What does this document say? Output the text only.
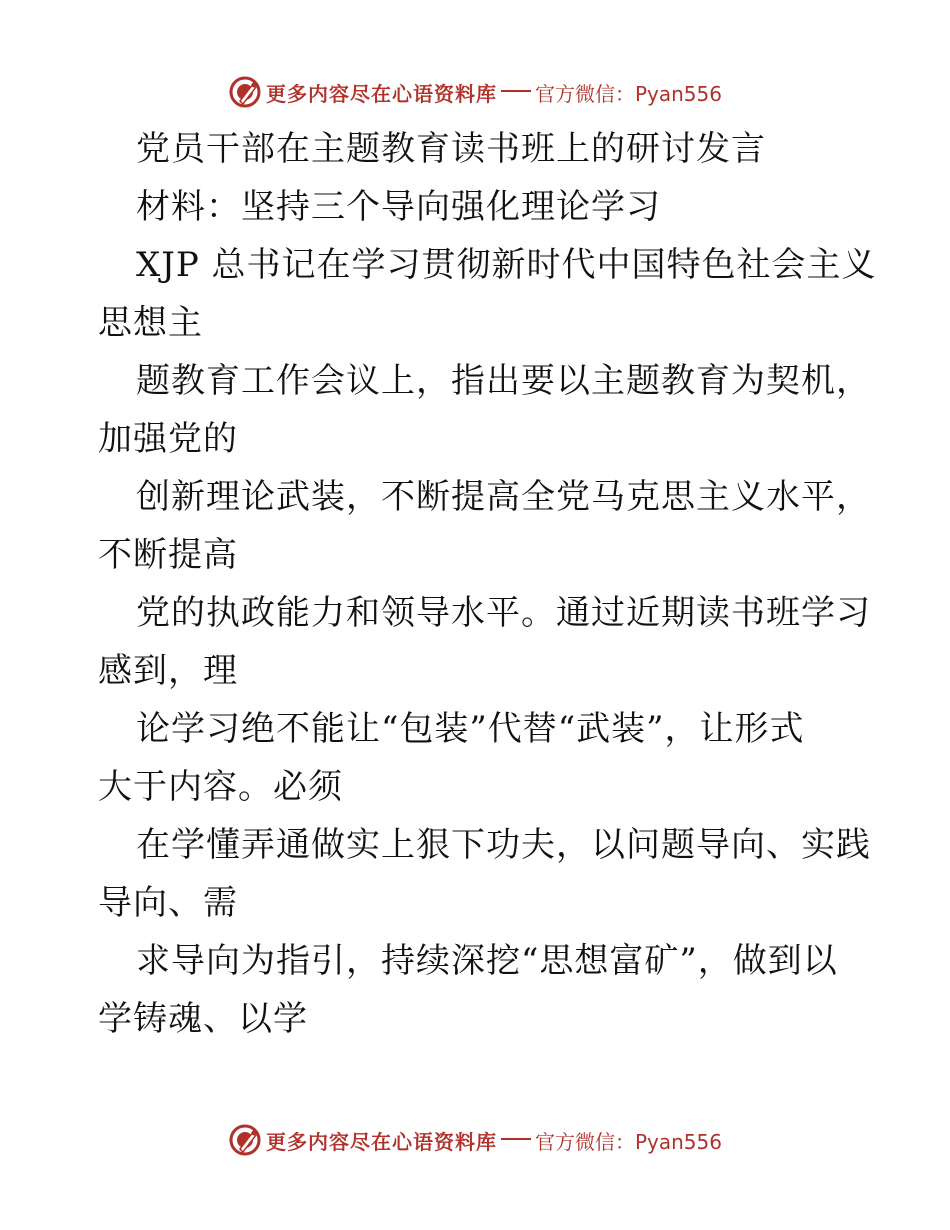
更多内容尽在心语资料库 官方微信：Pyan556
党员干部在主题教育读书班上的研讨发言
材料：坚持三个导向强化理论学习
XJP 总书记在学习贯彻新时代中国特色社会主义
思想主
题教育工作会议上，指出要以主题教育为契机，
加强党的
创新理论武装，不断提高全党马克思主义水平，
不断提高
党的执政能力和领导水平。通过近期读书班学习
感到，理
论学习绝不能让“包装”代替“武装”，让形式
大于内容。必须
在学懂弄通做实上狠下功夫，以问题导向、实践
导向、需
求导向为指引，持续深挖“思想富矿”，做到以
学铸魂、以学
更多内容尽在心语资料库 官方微信：Pyan556
